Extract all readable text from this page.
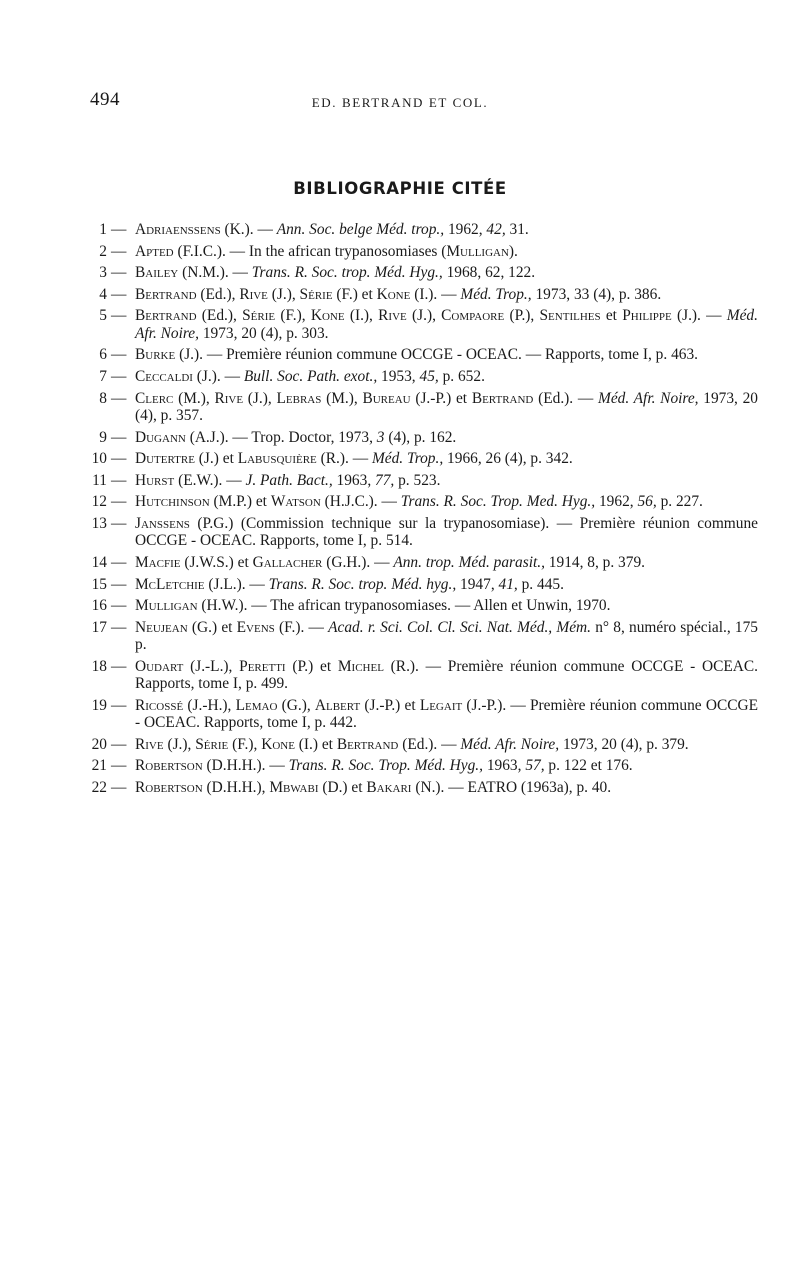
494	ED. BERTRAND ET COL.
BIBLIOGRAPHIE CITÉE
1 — Adriaenssens (K.). — Ann. Soc. belge Méd. trop., 1962, 42, 31.
2 — Apted (F.I.C.). — In the african trypanosomiases (Mulligan).
3 — Bailey (N.M.). — Trans. R. Soc. trop. Méd. Hyg., 1968, 62, 122.
4 — Bertrand (Ed.), Rive (J.), Série (F.) et Kone (I.). — Méd. Trop., 1973, 33 (4), p. 386.
5 — Bertrand (Ed.), Série (F.), Kone (I.), Rive (J.), Compaore (P.), Sentilhes et Philippe (J.). — Méd. Afr. Noire, 1973, 20 (4), p. 303.
6 — Burke (J.). — Première réunion commune OCCGE - OCEAC. — Rapports, tome I, p. 463.
7 — Ceccaldi (J.). — Bull. Soc. Path. exot., 1953, 45, p. 652.
8 — Clerc (M.), Rive (J.), Lebras (M.), Bureau (J.-P.) et Bertrand (Ed.). — Méd. Afr. Noire, 1973, 20 (4), p. 357.
9 — Dugann (A.J.). — Trop. Doctor, 1973, 3 (4), p. 162.
10 — Dutertre (J.) et Labusquière (R.). — Méd. Trop., 1966, 26 (4), p. 342.
11 — Hurst (E.W.). — J. Path. Bact., 1963, 77, p. 523.
12 — Hutchinson (M.P.) et Watson (H.J.C.). — Trans. R. Soc. Trop. Med. Hyg., 1962, 56, p. 227.
13 — Janssens (P.G.) (Commission technique sur la trypanosomiase). — Première réunion commune OCCGE - OCEAC. Rapports, tome I, p. 514.
14 — Macfie (J.W.S.) et Gallacher (G.H.). — Ann. trop. Méd. parasit., 1914, 8, p. 379.
15 — McLetchie (J.L.). — Trans. R. Soc. trop. Méd. hyg., 1947, 41, p. 445.
16 — Mulligan (H.W.). — The african trypanosomiases. — Allen et Unwin, 1970.
17 — Neujean (G.) et Evens (F.). — Acad. r. Sci. Col. Cl. Sci. Nat. Méd., Mém. n° 8, numéro spécial., 175 p.
18 — Oudart (J.-L.), Peretti (P.) et Michel (R.). — Première réunion commune OCCGE - OCEAC. Rapports, tome I, p. 499.
19 — Ricossé (J.-H.), Lemao (G.), Albert (J.-P.) et Legait (J.-P.). — Première réunion commune OCCGE - OCEAC. Rapports, tome I, p. 442.
20 — Rive (J.), Série (F.), Kone (I.) et Bertrand (Ed.). — Méd. Afr. Noire, 1973, 20 (4), p. 379.
21 — Robertson (D.H.H.). — Trans. R. Soc. Trop. Méd. Hyg., 1963, 57, p. 122 et 176.
22 — Robertson (D.H.H.), Mbwabi (D.) et Bakari (N.). — EATRO (1963a), p. 40.
